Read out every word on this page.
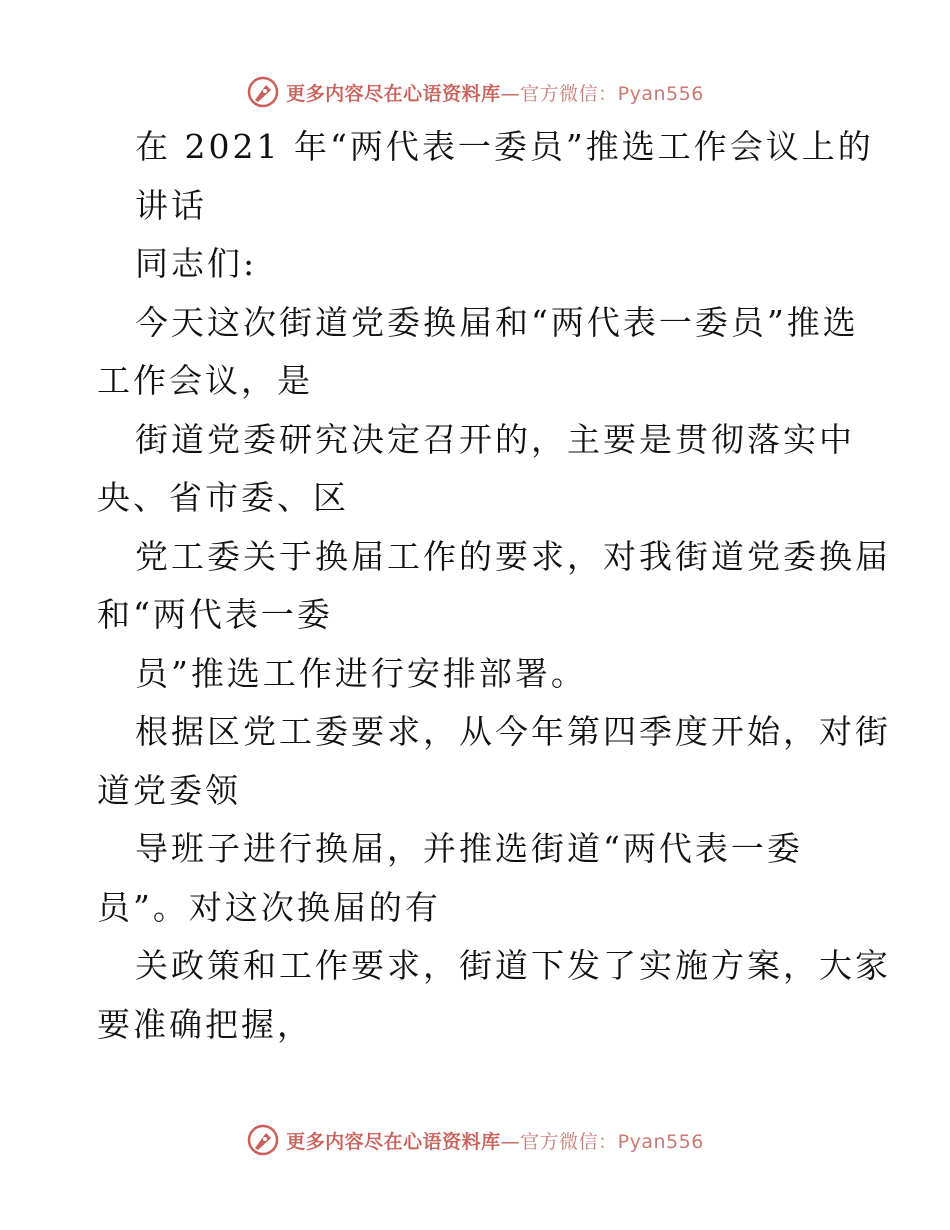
更多内容尽在心语资料库—官方微信：Pyan556
在 2021 年“两代表一委员”推选工作会议上的
讲话
同志们:
今天这次街道党委换届和“两代表一委员”推选
工作会议，是
街道党委研究决定召开的，主要是贯彻落实中
央、省市委、区
党工委关于换届工作的要求，对我街道党委换届
和“两代表一委
员”推选工作进行安排部署。
根据区党工委要求，从今年第四季度开始，对街
道党委领
导班子进行换届，并推选街道“两代表一委
员”。对这次换届的有
关政策和工作要求，街道下发了实施方案，大家
要准确把握，
更多内容尽在心语资料库—官方微信：Pyan556
